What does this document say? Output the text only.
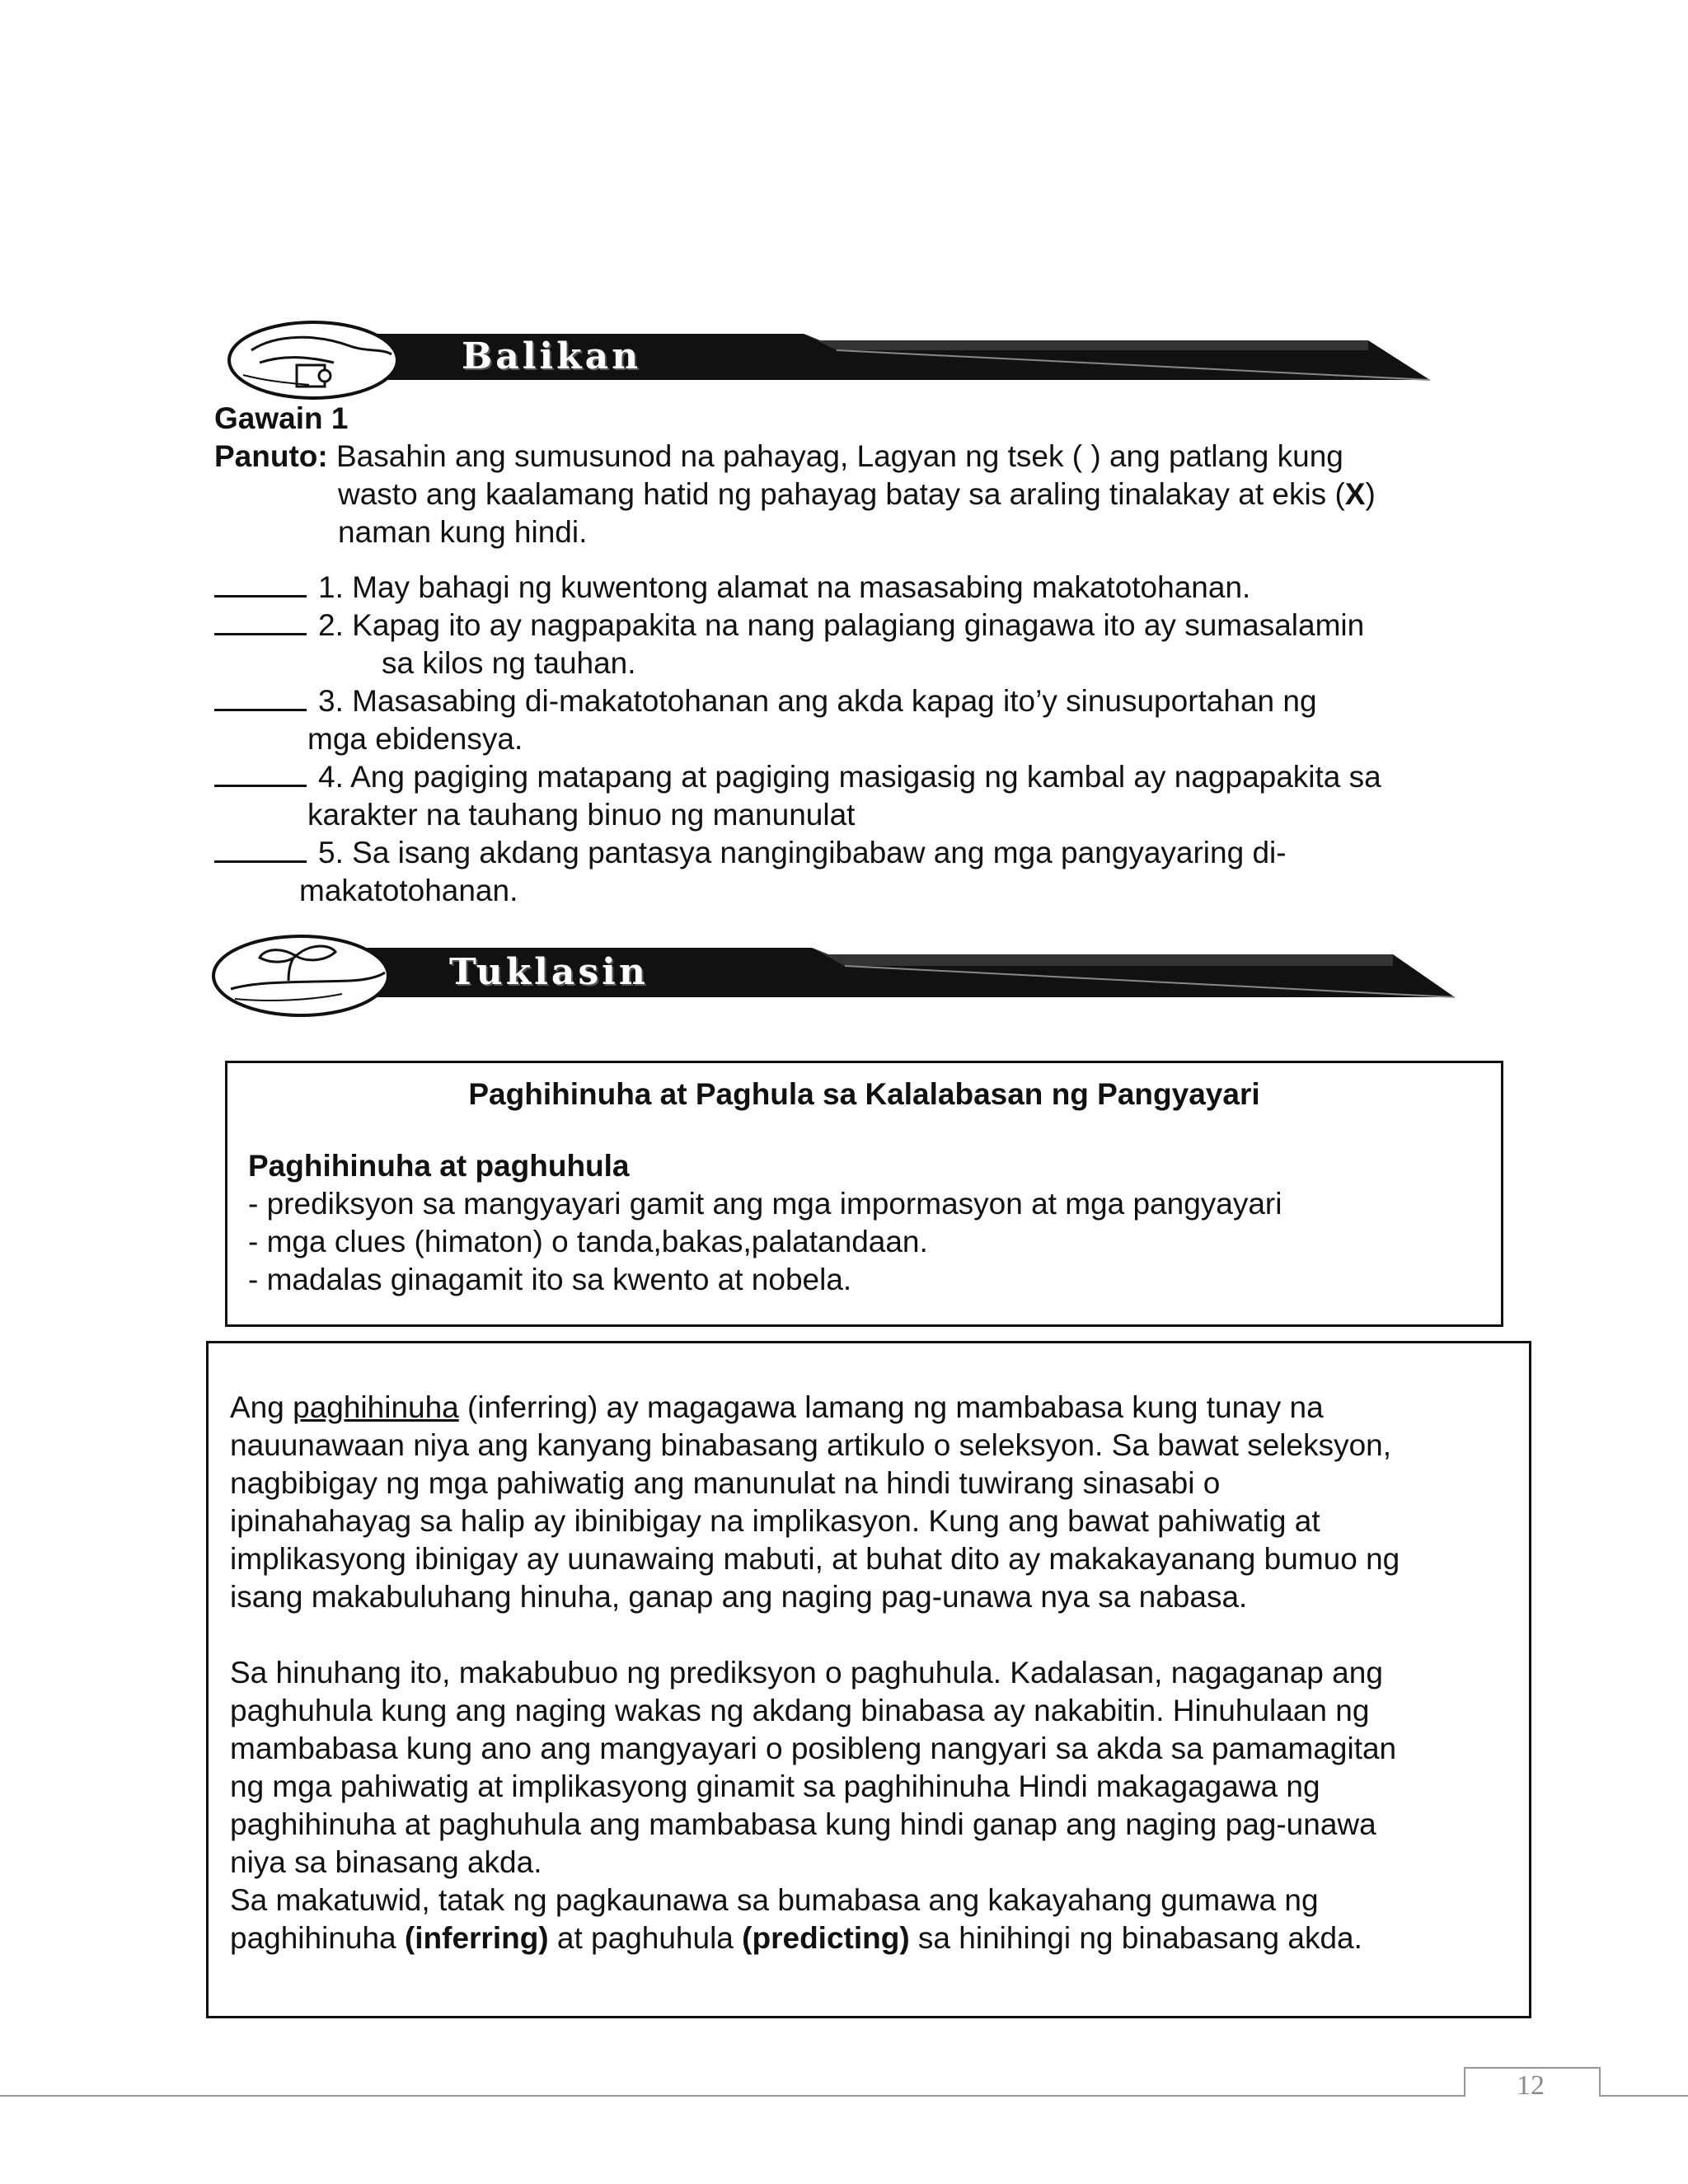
Balikan
Gawain 1
Panuto: Basahin ang sumusunod na pahayag, Lagyan ng tsek ( ) ang patlang kung
wasto ang kaalamang hatid ng pahayag batay sa araling tinalakay at ekis (X)
naman kung hindi.
1. May bahagi ng kuwentong alamat na masasabing makatotohanan.
2. Kapag ito ay nagpapakita na nang palagiang ginagawa ito ay sumasalamin
sa kilos ng tauhan.
3. Masasabing di-makatotohanan ang akda kapag ito’y sinusuportahan ng
mga ebidensya.
4. Ang pagiging matapang at pagiging masigasig ng kambal ay nagpapakita sa
karakter na tauhang binuo ng manunulat
5. Sa isang akdang pantasya nangingibabaw ang mga pangyayaring di-
makatotohanan.
Tuklasin
Paghihinuha at Paghula sa Kalalabasan ng Pangyayari
Paghihinuha at paghuhula
- prediksyon sa mangyayari gamit ang mga impormasyon at mga pangyayari
- mga clues (himaton) o tanda,bakas,palatandaan.
- madalas ginagamit ito sa kwento at nobela.

Ang paghihinuha (inferring) ay magagawa lamang ng mambabasa kung tunay na

nauunawaan niya ang kanyang binabasang artikulo o seleksyon. Sa bawat seleksyon,

nagbibigay ng mga pahiwatig ang manunulat na hindi tuwirang sinasabi o

ipinahahayag sa halip ay ibinibigay na implikasyon. Kung ang bawat pahiwatig at

implikasyong ibinigay ay uunawaing mabuti, at buhat dito ay makakayanang bumuo ng

isang makabuluhang hinuha, ganap ang naging pag-unawa nya sa nabasa.

Sa hinuhang ito, makabubuo ng prediksyon o paghuhula. Kadalasan, nagaganap ang

paghuhula kung ang naging wakas ng akdang binabasa ay nakabitin. Hinuhulaan ng

mambabasa kung ano ang mangyayari o posibleng nangyari sa akda sa pamamagitan

ng mga pahiwatig at implikasyong ginamit sa paghihinuha Hindi makagagawa ng

paghihinuha at paghuhula ang mambabasa kung hindi ganap ang naging pag-unawa

niya sa binasang akda.

Sa makatuwid, tatak ng pagkaunawa sa bumabasa ang kakayahang gumawa ng

paghihinuha (inferring) at paghuhula (predicting) sa hinihingi ng binabasang akda.

12
